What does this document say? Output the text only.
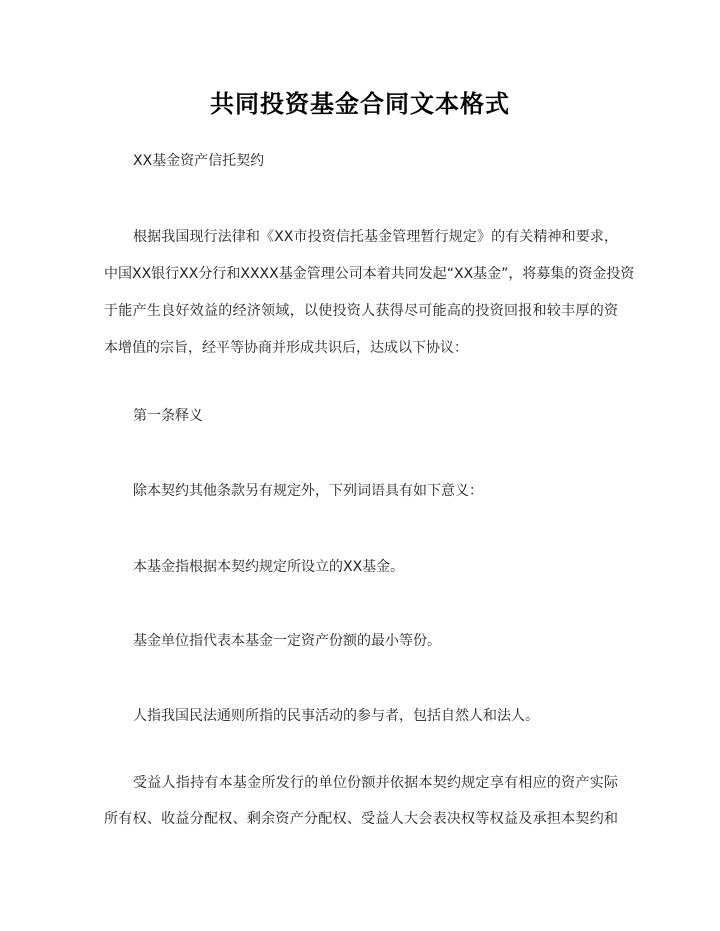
共同投资基金合同文本格式
XX基金资产信托契约
根据我国现行法律和《XX市投资信托基金管理暂行规定》的有关精神和要求，
中国XX银行XX分行和XXXX基金管理公司本着共同发起“XX基金”，将募集的资金投资
于能产生良好效益的经济领域，以使投资人获得尽可能高的投资回报和较丰厚的资
本增值的宗旨，经平等协商并形成共识后，达成以下协议：
第一条释义
除本契约其他条款另有规定外，下列词语具有如下意义：
本基金指根据本契约规定所设立的XX基金。
基金单位指代表本基金一定资产份额的最小等份。
人指我国民法通则所指的民事活动的参与者，包括自然人和法人。
受益人指持有本基金所发行的单位份额并依据本契约规定享有相应的资产实际
所有权、收益分配权、剩余资产分配权、受益人大会表决权等权益及承担本契约和
